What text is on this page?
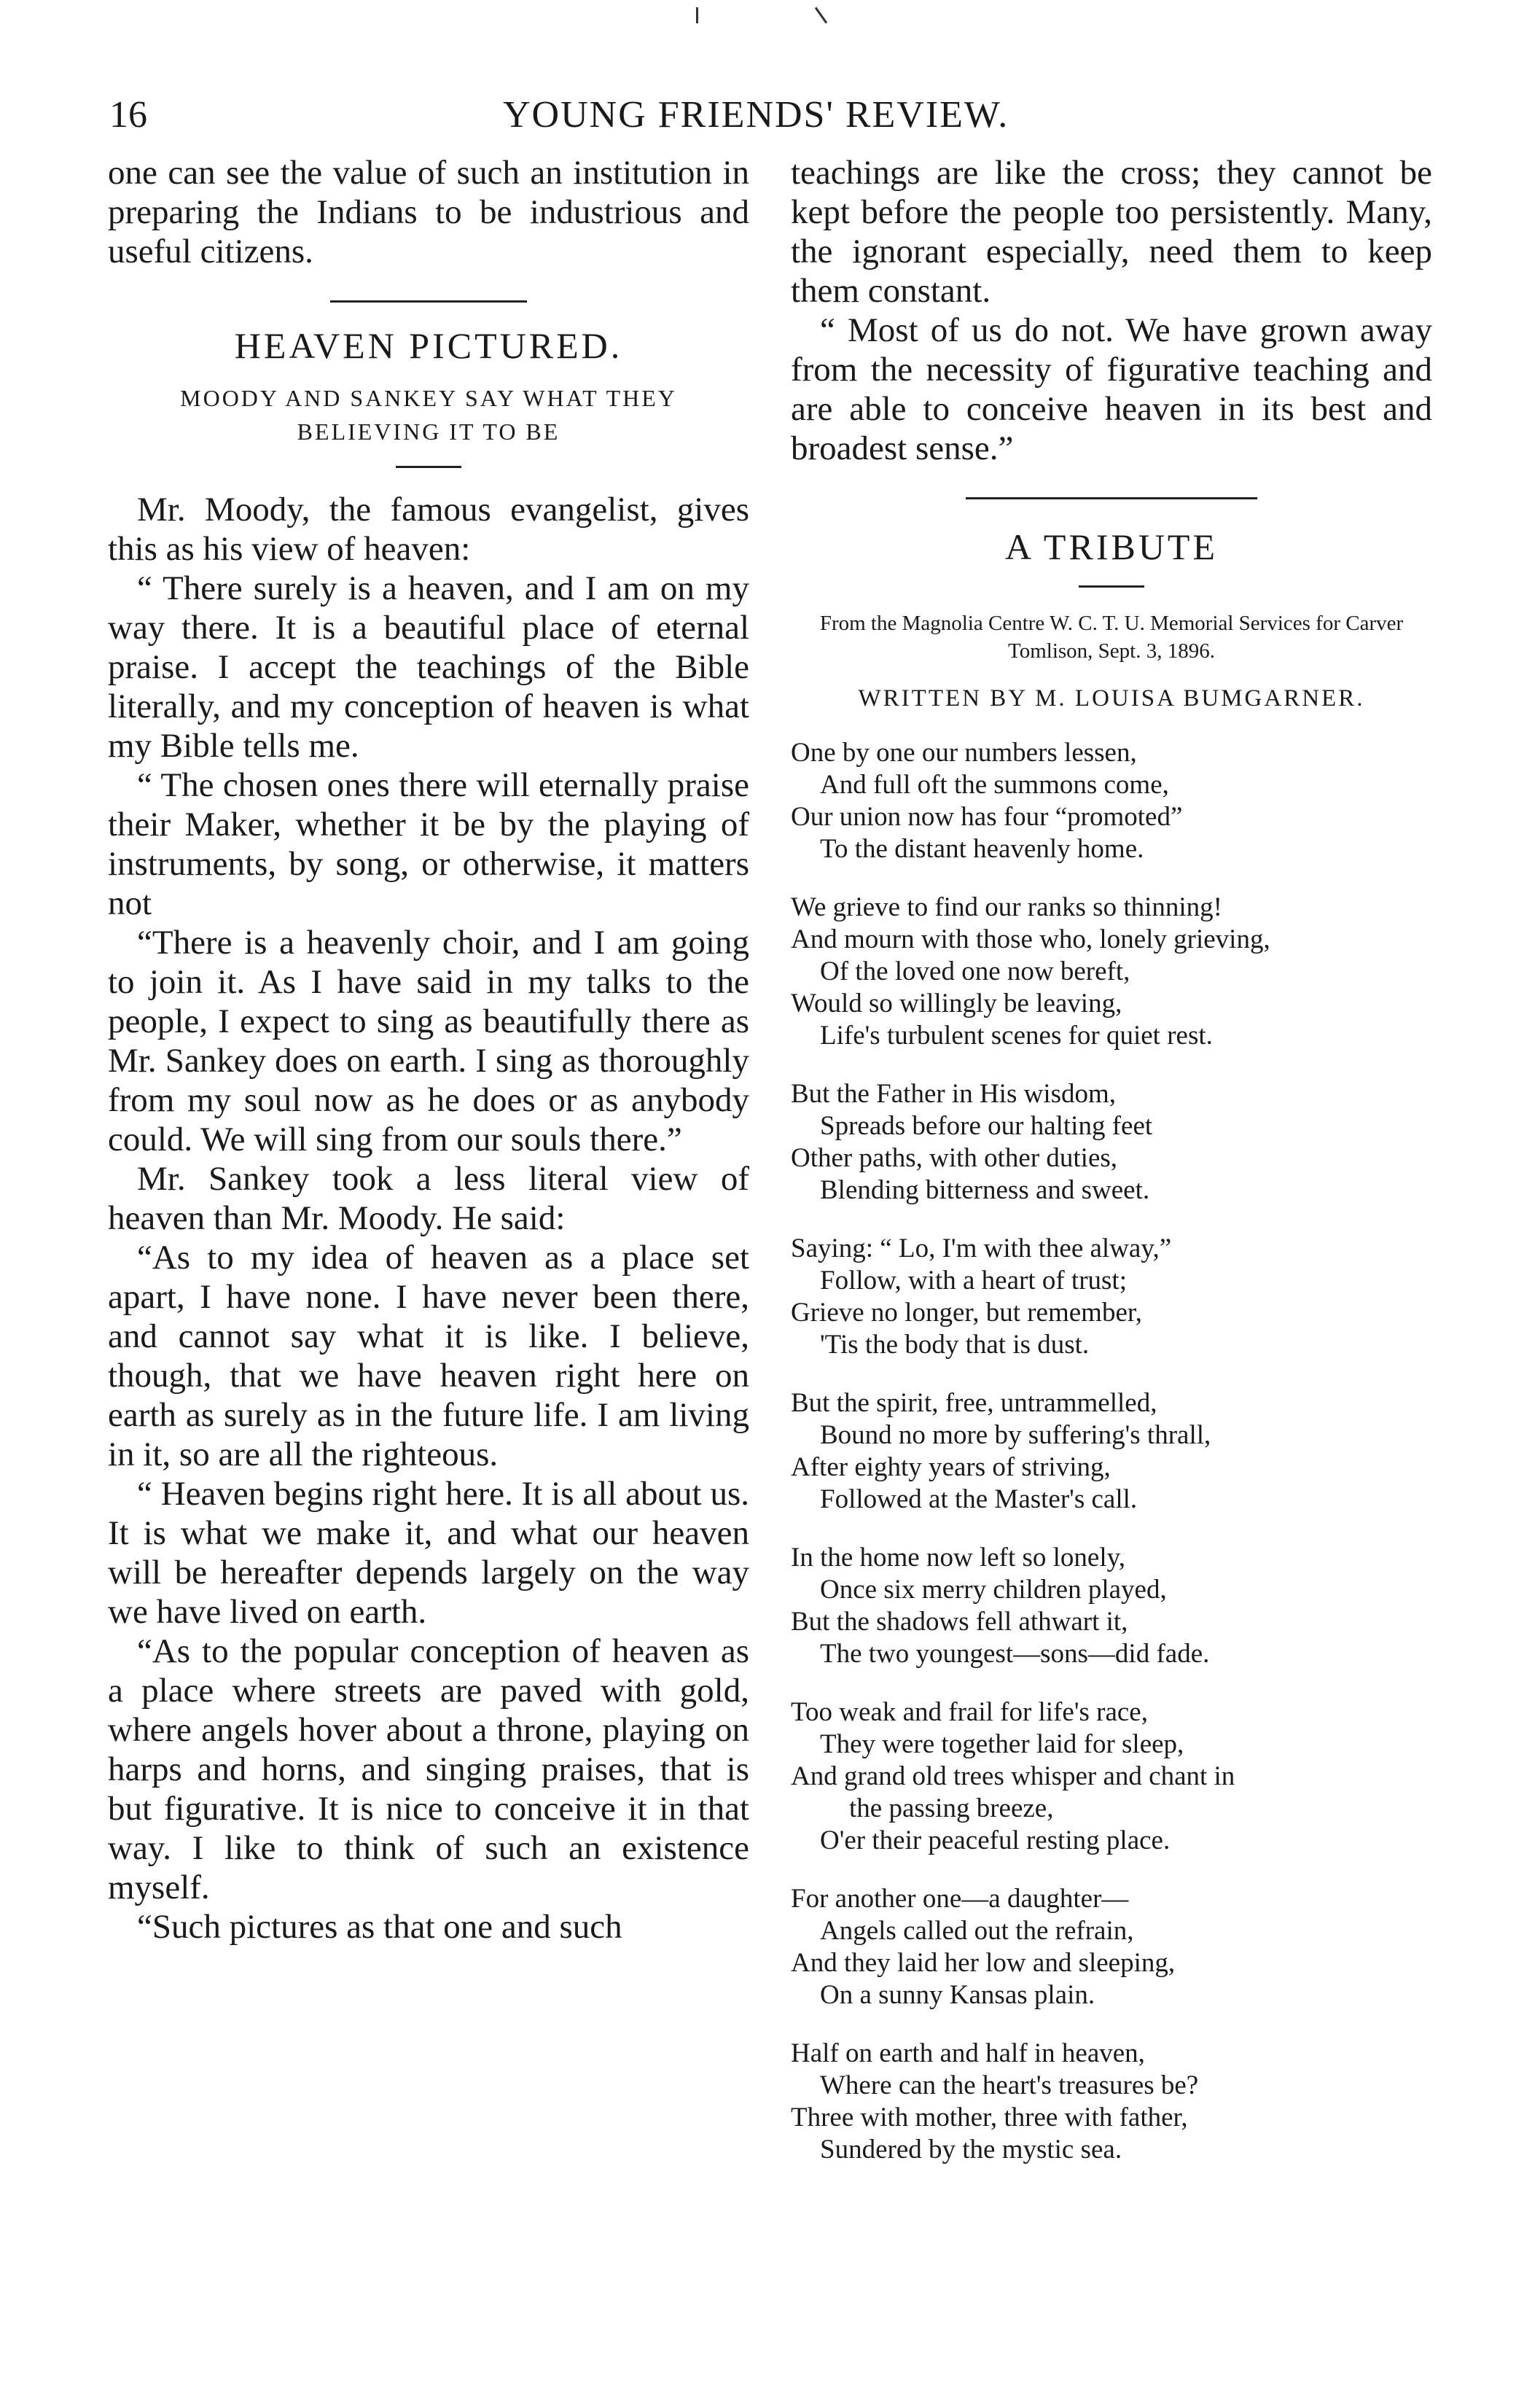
16	YOUNG FRIENDS' REVIEW.

one can see the value of such an institution in preparing the Indians to be industrious and useful citizens.

HEAVEN PICTURED.
MOODY AND SANKEY SAY WHAT THEY BELIEVING IT TO BE

Mr. Moody, the famous evangelist, gives this as his view of heaven:

“ There surely is a heaven, and I am on my way there. It is a beautiful place of eternal praise. I accept the teachings of the Bible literally, and my conception of heaven is what my Bible tells me.

“ The chosen ones there will eternally praise their Maker, whether it be by the playing of instruments, by song, or otherwise, it matters not

“There is a heavenly choir, and I am going to join it. As I have said in my talks to the people, I expect to sing as beautifully there as Mr. Sankey does on earth. I sing as thoroughly from my soul now as he does or as anybody could. We will sing from our souls there.”

Mr. Sankey took a less literal view of heaven than Mr. Moody. He said:

“As to my idea of heaven as a place set apart, I have none. I have never been there, and cannot say what it is like. I believe, though, that we have heaven right here on earth as surely as in the future life. I am living in it, so are all the righteous.

“ Heaven begins right here. It is all about us. It is what we make it, and what our heaven will be hereafter depends largely on the way we have lived on earth.

“As to the popular conception of heaven as a place where streets are paved with gold, where angels hover about a throne, playing on harps and horns, and singing praises, that is but figurative. It is nice to conceive it in that way. I like to think of such an existence myself.

“Such pictures as that one and such

teachings are like the cross; they cannot be kept before the people too persistently. Many, the ignorant especially, need them to keep them constant.

“ Most of us do not. We have grown away from the necessity of figurative teaching and are able to conceive heaven in its best and broadest sense.”

A TRIBUTE
From the Magnolia Centre W. C. T. U. Memorial Services for Carver Tomlison, Sept. 3, 1896.
WRITTEN BY M. LOUISA BUMGARNER.
One by one our numbers lessen,
And full oft the summons come,
Our union now has four “promoted”
To the distant heavenly home.
We grieve to find our ranks so thinning!
And mourn with those who, lonely grieving,
Of the loved one now bereft,
Would so willingly be leaving,
Life's turbulent scenes for quiet rest.
But the Father in His wisdom,
Spreads before our halting feet
Other paths, with other duties,
Blending bitterness and sweet.
Saying: “ Lo, I'm with thee alway,”
Follow, with a heart of trust;
Grieve no longer, but remember,
'Tis the body that is dust.
But the spirit, free, untrammelled,
Bound no more by suffering's thrall,
After eighty years of striving,
Followed at the Master's call.
In the home now left so lonely,
Once six merry children played,
But the shadows fell athwart it,
The two youngest—sons—did fade.
Too weak and frail for life's race,
They were together laid for sleep,
And grand old trees whisper and chant in
the passing breeze,
O'er their peaceful resting place.
For another one—a daughter—
Angels called out the refrain,
And they laid her low and sleeping,
On a sunny Kansas plain.
Half on earth and half in heaven,
Where can the heart's treasures be?
Three with mother, three with father,
Sundered by the mystic sea.
